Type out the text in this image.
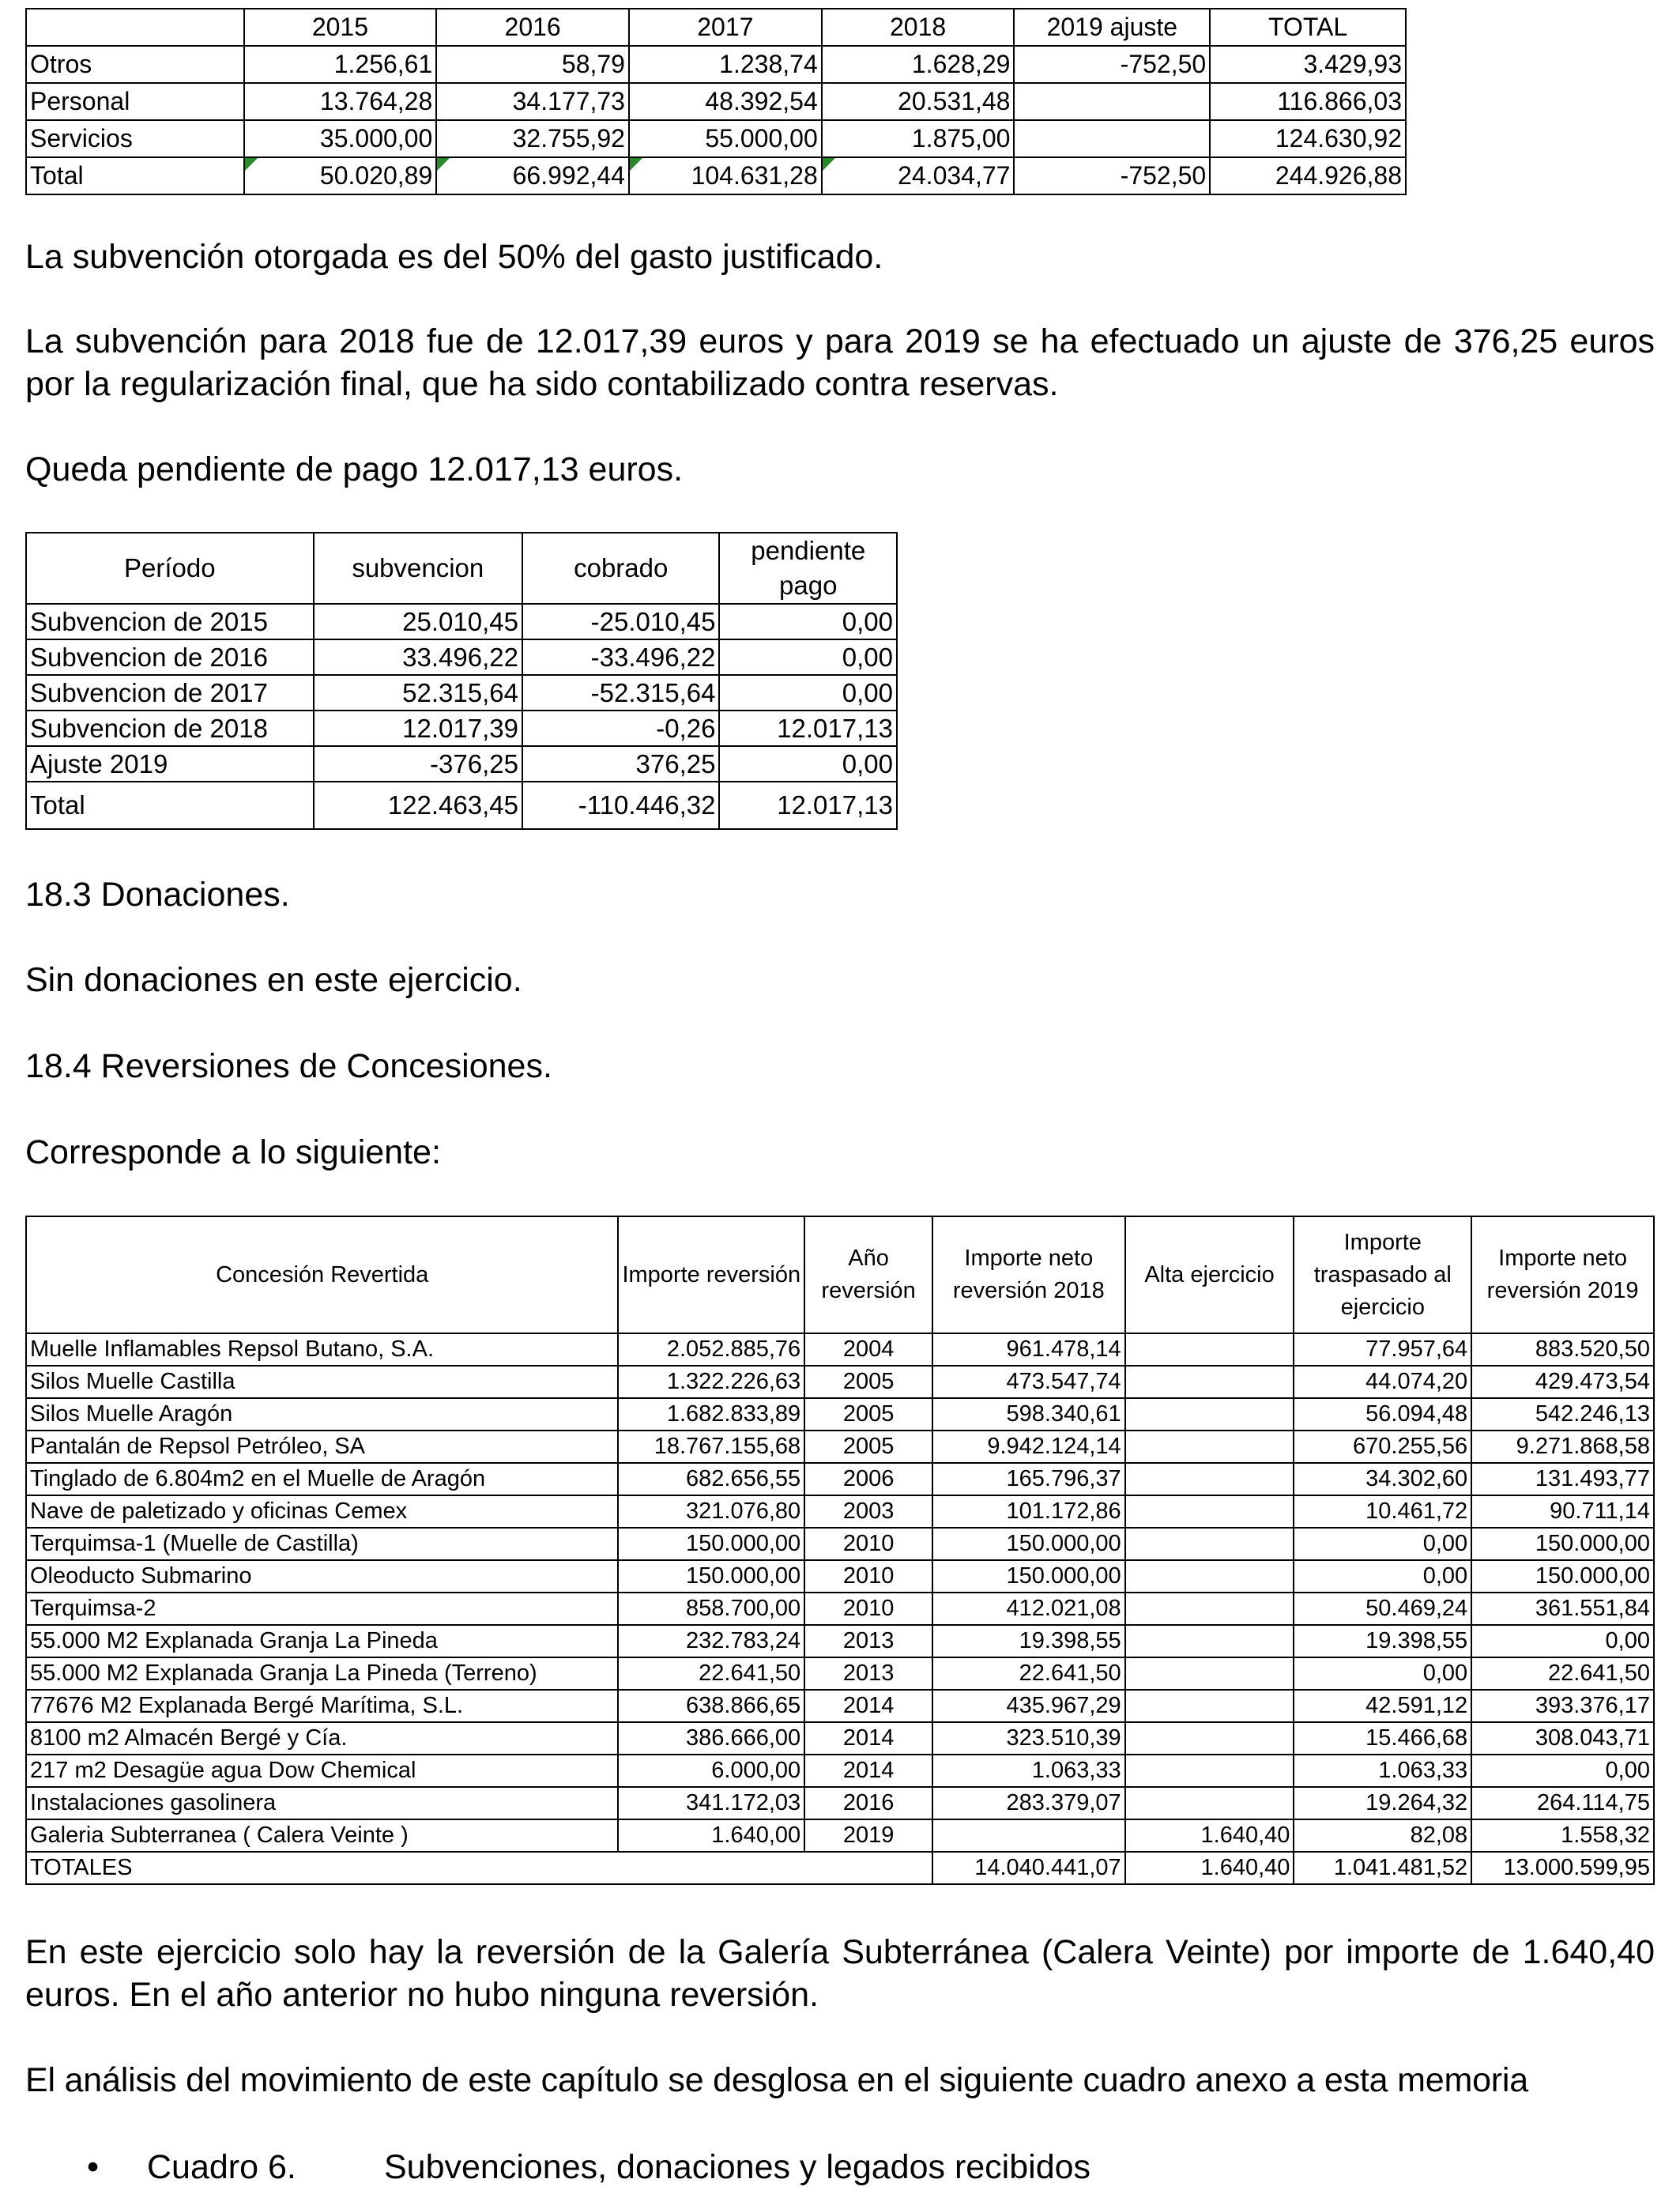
	2015	2016	2017	2018	2019 ajuste	TOTAL
Otros	1.256,61	58,79	1.238,74	1.628,29	-752,50	3.429,93
Personal	13.764,28	34.177,73	48.392,54	20.531,48		116.866,03
Servicios	35.000,00	32.755,92	55.000,00	1.875,00		124.630,92
Total	50.020,89	66.992,44	104.631,28	24.034,77	-752,50	244.926,88

La subvención otorgada es del 50% del gasto justificado.

La subvención para 2018 fue de 12.017,39 euros y para 2019 se ha efectuado un ajuste de 376,25 euros por la regularización final, que ha sido contabilizado contra reservas.

Queda pendiente de pago 12.017,13 euros.

Período	subvencion	cobrado	pendiente pago
Subvencion de 2015	25.010,45	-25.010,45	0,00
Subvencion de 2016	33.496,22	-33.496,22	0,00
Subvencion de 2017	52.315,64	-52.315,64	0,00
Subvencion de 2018	12.017,39	-0,26	12.017,13
Ajuste 2019	-376,25	376,25	0,00
Total	122.463,45	-110.446,32	12.017,13

18.3 Donaciones.

Sin donaciones en este ejercicio.

18.4 Reversiones de Concesiones.

Corresponde a lo siguiente:

Concesión Revertida	Importe reversión	Año reversión	Importe neto reversión 2018	Alta ejercicio	Importe traspasado al ejercicio	Importe neto reversión 2019
Muelle Inflamables Repsol Butano, S.A.	2.052.885,76	2004	961.478,14		77.957,64	883.520,50
Silos Muelle Castilla	1.322.226,63	2005	473.547,74		44.074,20	429.473,54
Silos Muelle Aragón	1.682.833,89	2005	598.340,61		56.094,48	542.246,13
Pantalán de Repsol Petróleo, SA	18.767.155,68	2005	9.942.124,14		670.255,56	9.271.868,58
Tinglado de 6.804m2 en el Muelle de Aragón	682.656,55	2006	165.796,37		34.302,60	131.493,77
Nave de paletizado y oficinas Cemex	321.076,80	2003	101.172,86		10.461,72	90.711,14
Terquimsa-1 (Muelle de Castilla)	150.000,00	2010	150.000,00		0,00	150.000,00
Oleoducto Submarino	150.000,00	2010	150.000,00		0,00	150.000,00
Terquimsa-2	858.700,00	2010	412.021,08		50.469,24	361.551,84
55.000 M2 Explanada Granja La Pineda	232.783,24	2013	19.398,55		19.398,55	0,00
55.000 M2 Explanada Granja La Pineda (Terreno)	22.641,50	2013	22.641,50		0,00	22.641,50
77676 M2 Explanada Bergé Marítima, S.L.	638.866,65	2014	435.967,29		42.591,12	393.376,17
8100 m2 Almacén Bergé y Cía.	386.666,00	2014	323.510,39		15.466,68	308.043,71
217 m2 Desagüe agua Dow Chemical	6.000,00	2014	1.063,33		1.063,33	0,00
Instalaciones gasolinera	341.172,03	2016	283.379,07		19.264,32	264.114,75
Galeria Subterranea ( Calera Veinte )	1.640,00	2019		1.640,40	82,08	1.558,32
TOTALES			14.040.441,07	1.640,40	1.041.481,52	13.000.599,95

En este ejercicio solo hay la reversión de la Galería Subterránea (Calera Veinte) por importe de 1.640,40 euros. En el año anterior no hubo ninguna reversión.

El análisis del movimiento de este capítulo se desglosa en el siguiente cuadro anexo a esta memoria

• Cuadro 6.	Subvenciones, donaciones y legados recibidos
